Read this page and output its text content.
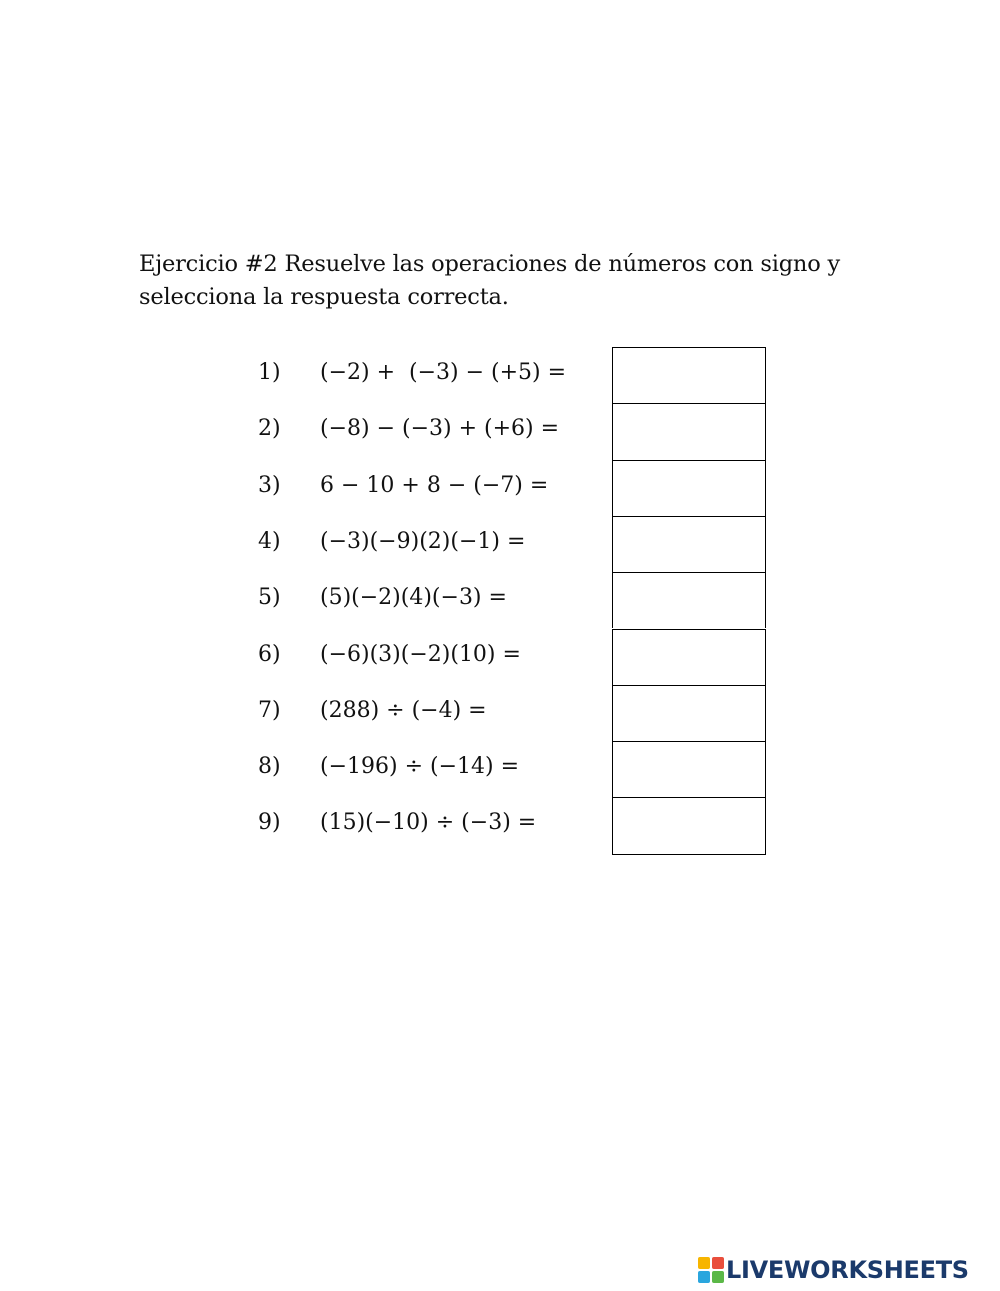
Ejercicio #2 Resuelve las operaciones de números con signo y
selecciona la respuesta correcta.

1) (−2) +  (−3) − (+5) =
2) (−8) − (−3) + (+6) =
3) 6 − 10 + 8 − (−7) =
4) (−3)(−9)(2)(−1) =
5) (5)(−2)(4)(−3) =
6) (−6)(3)(−2)(10) =
7) (288) ÷ (−4) =
8) (−196) ÷ (−14) =
9) (15)(−10) ÷ (−3) =
LIVEWORKSHEETS
